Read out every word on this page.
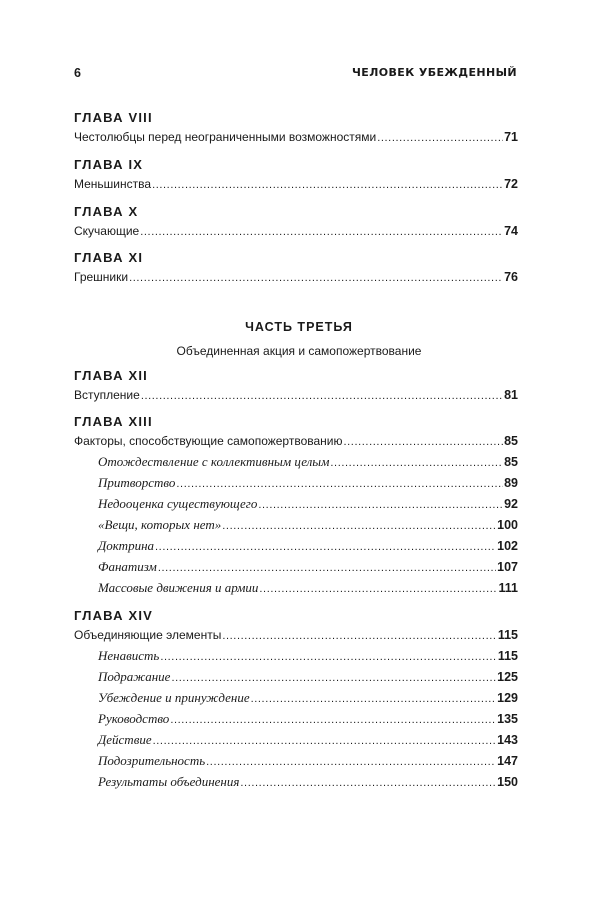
6	ЧЕЛОВЕК УБЕЖДЕННЫЙ
ГЛАВА VIII
Честолюбцы перед неограниченными возможностями .....	71
ГЛАВА IX
Меньшинства .....	72
ГЛАВА X
Скучающие .....	74
ГЛАВА XI
Грешники .....	76
ЧАСТЬ ТРЕТЬЯ
Объединенная акция и самопожертвование
ГЛАВА XII
Вступление .....	81
ГЛАВА XIII
Факторы, способствующие самопожертвованию .....	85
Отождествление с коллективным целым .....	85
Притворство .....	89
Недооценка существующего .....	92
«Вещи, которых нет» .....	100
Доктрина .....	102
Фанатизм .....	107
Массовые движения и армии .....	111
ГЛАВА XIV
Объединяющие элементы .....	115
Ненависть .....	115
Подражание .....	125
Убеждение и принуждение .....	129
Руководство .....	135
Действие .....	143
Подозрительность .....	147
Результаты объединения .....	150
